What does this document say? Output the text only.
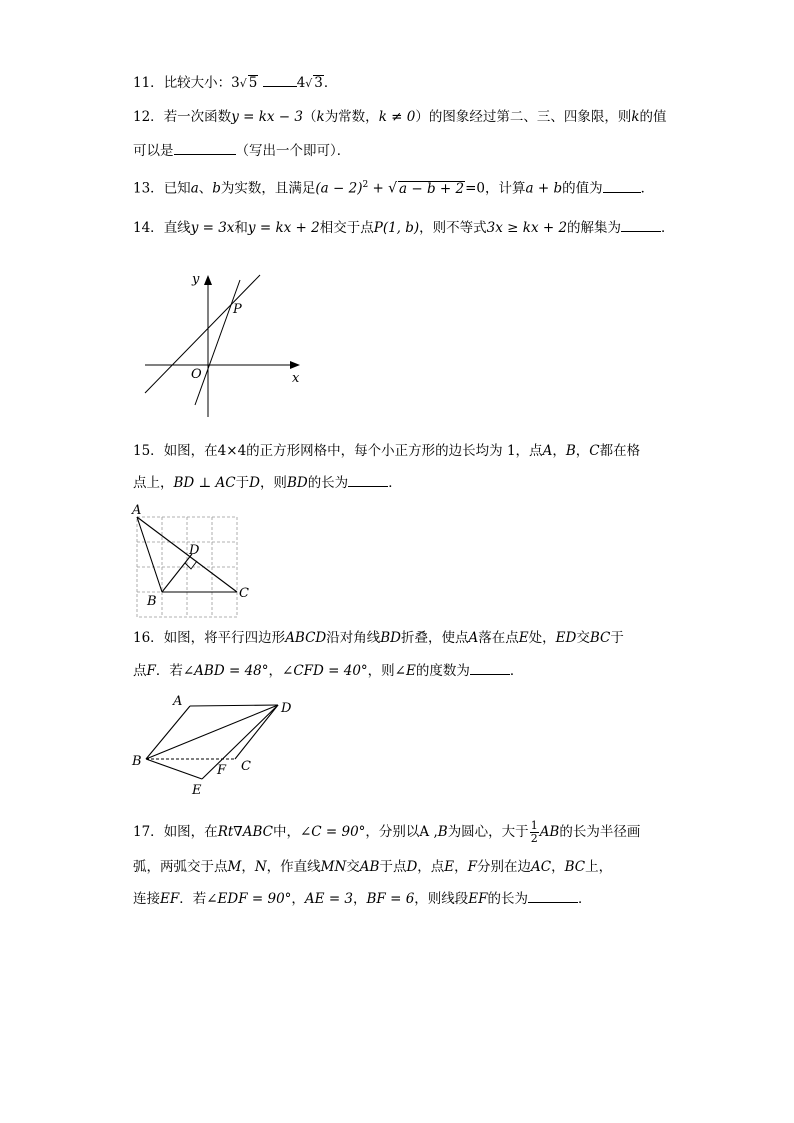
11．比较大小：3√ 5	4√ 3．
12．若一次函数y = kx − 3（k为常数，k ≠ 0）的图象经过第二、三、四象限，则k的值
可以是	（写出一个即可）．
13．已知a、b为实数，且满足$(a - 2)^2$ + √ a − b + 2=0，计算a + b的值为	．
14．直线y = 3x和y = kx + 2相交于点P(1, b)，则不等式3x ≥ kx + 2的解集为	．
y
x
O
P
15．如图，在4×4的正方形网格中，每个小正方形的边长均为 1，点A，B，C都在格
点上，BD ⊥ AC于D，则BD的长为	．
A
B
C
D
16．如图，将平行四边形ABCD沿对角线BD折叠，使点A落在点E处，ED交BC于
点F．若∠ABD = 48°，∠CFD = 40°，则∠E的度数为	．
A
B	C
D
E
F
17．如图，在Rt∇ABC中，∠C = 90°，分别以A ,B为圆心，大于 $\frac{1}{2}$ AB的长为半径画
弧，两弧交于点M，N，作直线MN交AB于点D，点E，F分别在边AC，BC上，
连接EF．若∠EDF = 90°，AE = 3，BF = 6，则线段EF的长为	．
